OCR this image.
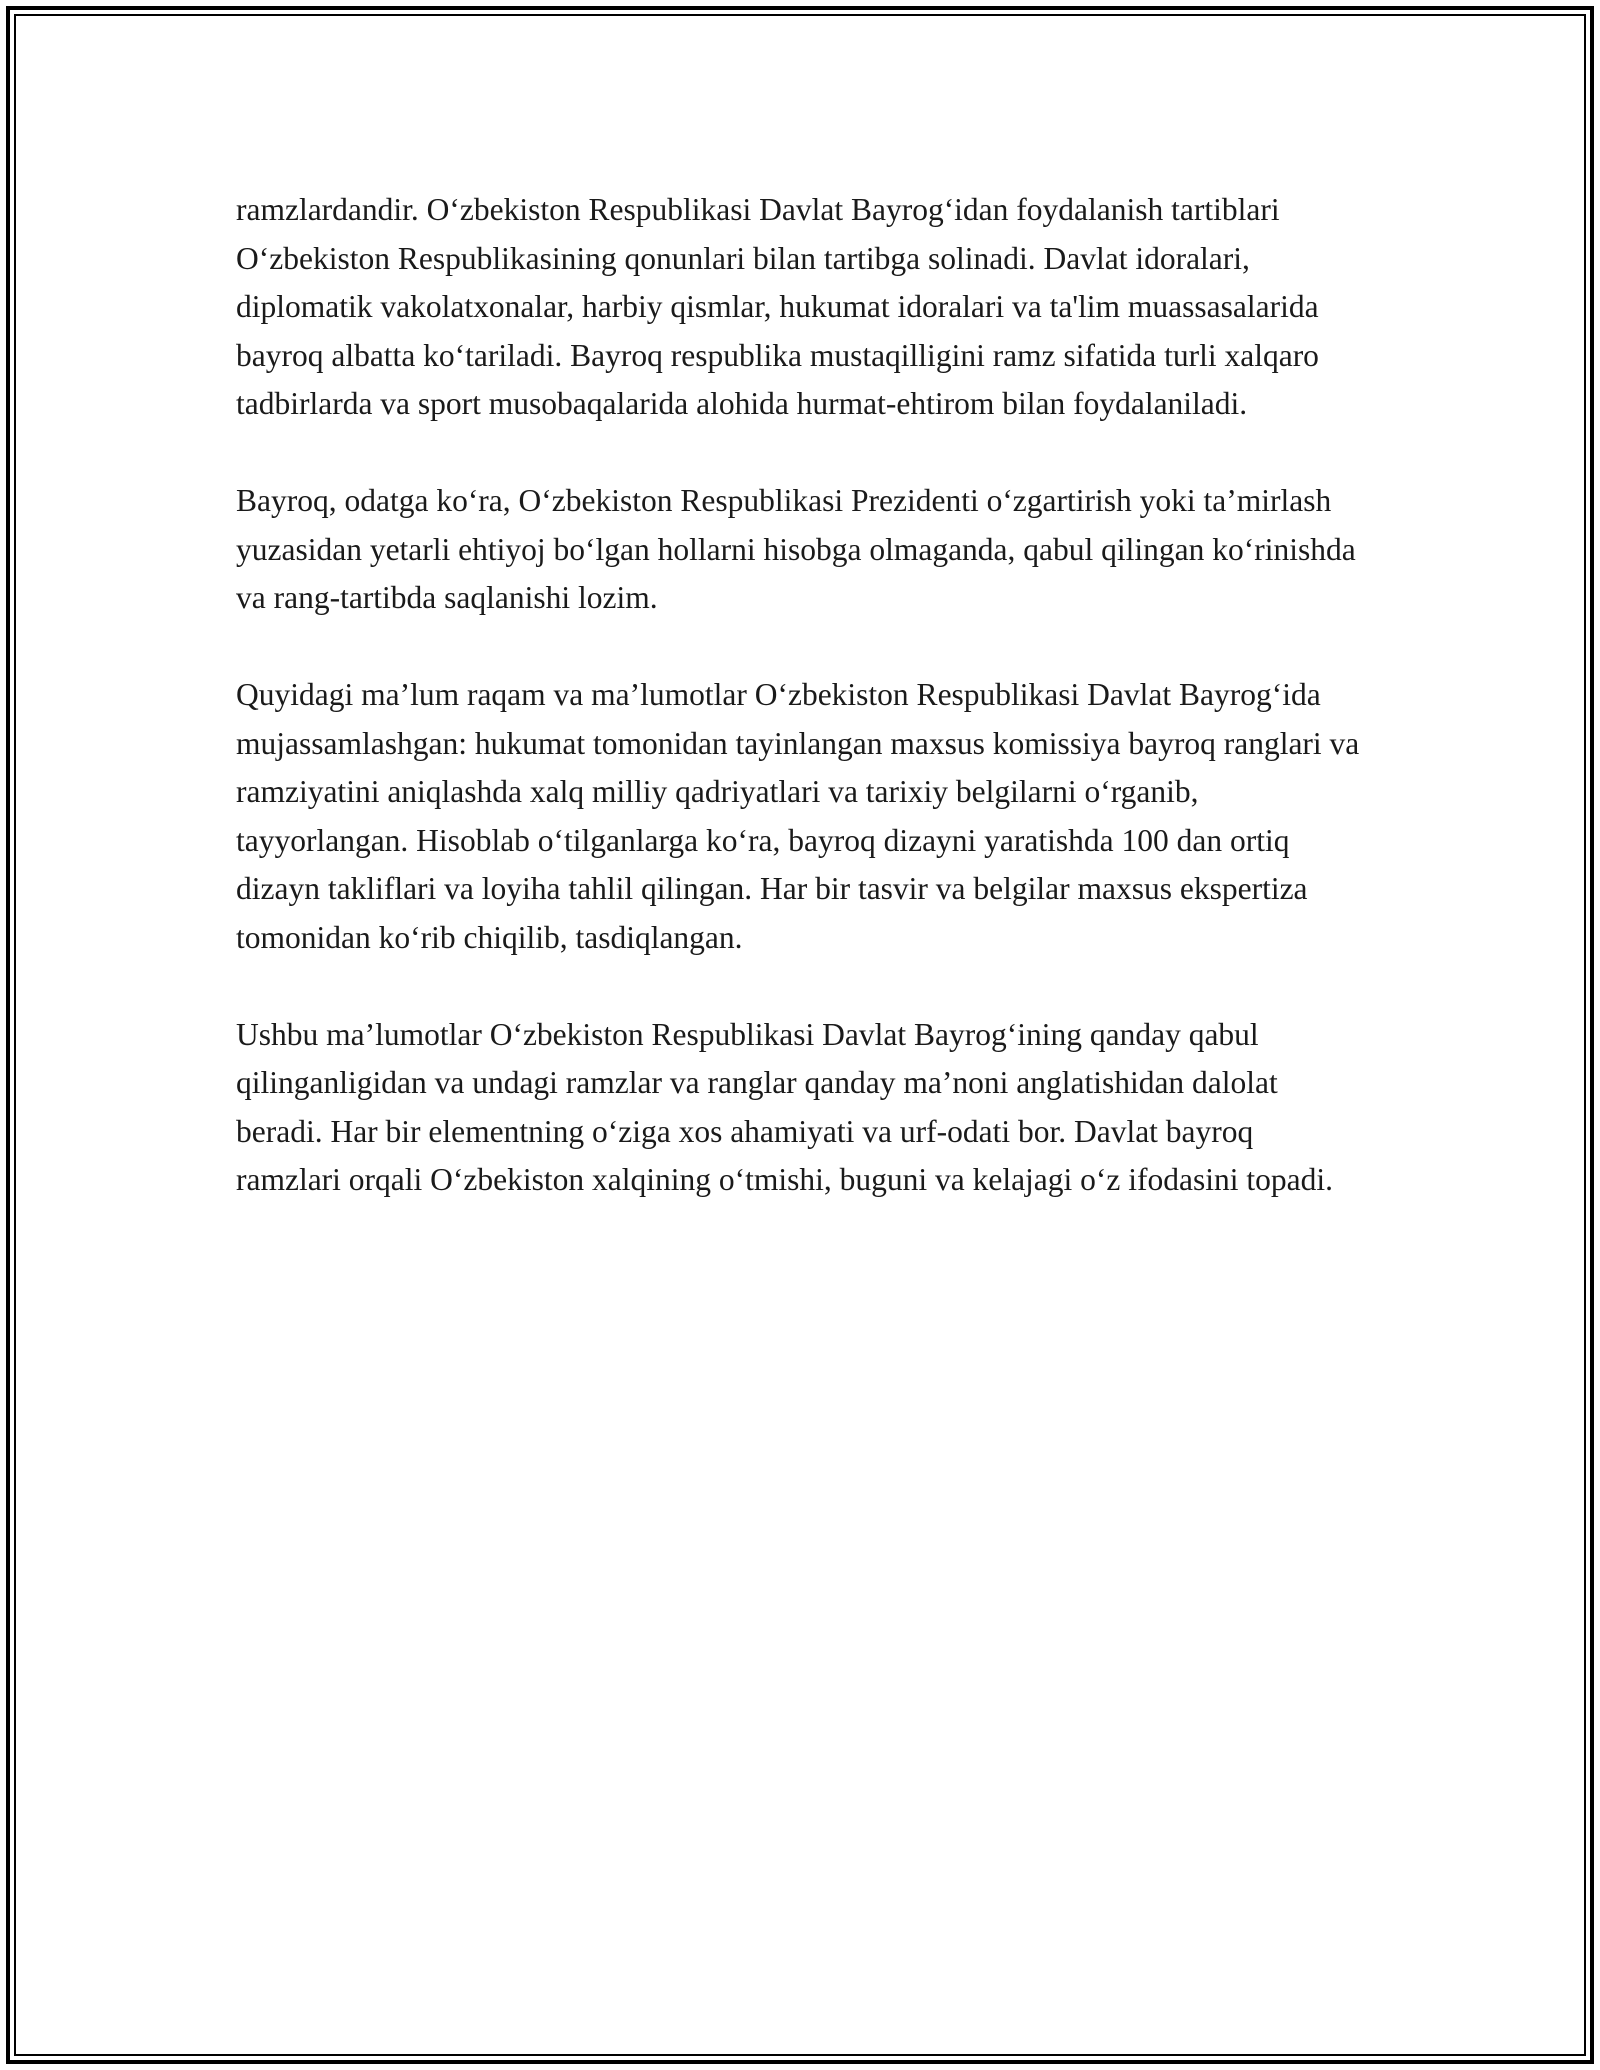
ramzlardandir. O‘zbekiston Respublikasi Davlat Bayrog‘idan foydalanish tartiblari O‘zbekiston Respublikasining qonunlari bilan tartibga solinadi. Davlat idoralari, diplomatik vakolatxonalar, harbiy qismlar, hukumat idoralari va ta'lim muassasalarida bayroq albatta ko‘tariladi. Bayroq respublika mustaqilligini ramz sifatida turli xalqaro tadbirlarda va sport musobaqalarida alohida hurmat-ehtirom bilan foydalaniladi.

Bayroq, odatga ko‘ra, O‘zbekiston Respublikasi Prezidenti o‘zgartirish yoki ta’mirlash yuzasidan yetarli ehtiyoj bo‘lgan hollarni hisobga olmaganda, qabul qilingan ko‘rinishda va rang-tartibda saqlanishi lozim.

Quyidagi ma’lum raqam va ma’lumotlar O‘zbekiston Respublikasi Davlat Bayrog‘ida mujassamlashgan: hukumat tomonidan tayinlangan maxsus komissiya bayroq ranglari va ramziyatini aniqlashda xalq milliy qadriyatlari va tarixiy belgilarni o‘rganib, tayyorlangan. Hisoblab o‘tilganlarga ko‘ra, bayroq dizayni yaratishda 100 dan ortiq dizayn takliflari va loyiha tahlil qilingan. Har bir tasvir va belgilar maxsus ekspertiza tomonidan ko‘rib chiqilib, tasdiqlangan.

Ushbu ma’lumotlar O‘zbekiston Respublikasi Davlat Bayrog‘ining qanday qabul qilinganligidan va undagi ramzlar va ranglar qanday ma’noni anglatishidan dalolat beradi. Har bir elementning o‘ziga xos ahamiyati va urf-odati bor. Davlat bayroq ramzlari orqali O‘zbekiston xalqining o‘tmishi, buguni va kelajagi o‘z ifodasini topadi.
